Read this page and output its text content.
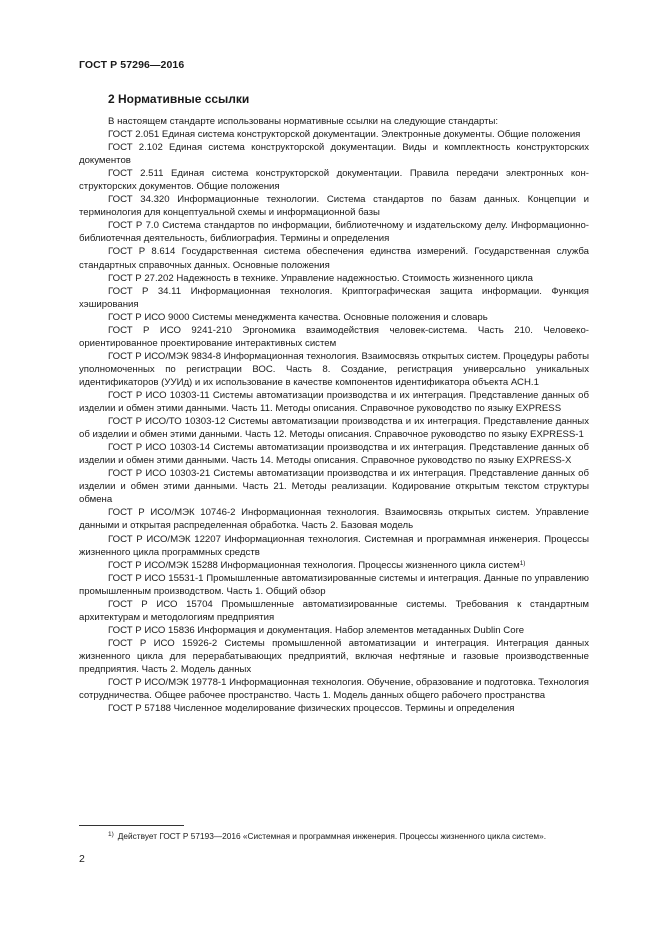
ГОСТ Р 57296—2016
2 Нормативные ссылки

В настоящем стандарте использованы нормативные ссылки на следующие стандарты:

ГОСТ 2.051 Единая система конструкторской документации. Электронные документы. Общие положения

ГОСТ 2.102 Единая система конструкторской документации. Виды и комплектность конструкторских документов

ГОСТ 2.511 Единая система конструкторской документации. Правила передачи электронных конструкторских документов. Общие положения

ГОСТ 34.320 Информационные технологии. Система стандартов по базам данных. Концепции и терминология для концептуальной схемы и информационной базы

ГОСТ Р 7.0 Система стандартов по информации, библиотечному и издательскому делу. Информационно-библиотечная деятельность, библиография. Термины и определения

ГОСТ Р 8.614 Государственная система обеспечения единства измерений. Государственная служба стандартных справочных данных. Основные положения

ГОСТ Р 27.202 Надежность в технике. Управление надежностью. Стоимость жизненного цикла

ГОСТ Р 34.11 Информационная технология. Криптографическая защита информации. Функция хэширования

ГОСТ Р ИСО 9000 Системы менеджмента качества. Основные положения и словарь

ГОСТ Р ИСО 9241-210 Эргономика взаимодействия человек-система. Часть 210. Человекоориентированное проектирование интерактивных систем

ГОСТ Р ИСО/МЭК 9834-8 Информационная технология. Взаимосвязь открытых систем. Процедуры работы уполномоченных по регистрации ВОС. Часть 8. Создание, регистрация универсально уникальных идентификаторов (УУИд) и их использование в качестве компонентов идентификатора объекта АСН.1

ГОСТ Р ИСО 10303-11 Системы автоматизации производства и их интеграция. Представление данных об изделии и обмен этими данными. Часть 11. Методы описания. Справочное руководство по языку EXPRESS

ГОСТ Р ИСО/ТО 10303-12 Системы автоматизации производства и их интеграция. Представление данных об изделии и обмен этими данными. Часть 12. Методы описания. Справочное руководство по языку EXPRESS-1

ГОСТ Р ИСО 10303-14 Системы автоматизации производства и их интеграция. Представление данных об изделии и обмен этими данными. Часть 14. Методы описания. Справочное руководство по языку EXPRESS-X

ГОСТ Р ИСО 10303-21 Системы автоматизации производства и их интеграция. Представление данных об изделии и обмен этими данными. Часть 21. Методы реализации. Кодирование открытым текстом структуры обмена

ГОСТ Р ИСО/МЭК 10746-2 Информационная технология. Взаимосвязь открытых систем. Управление данными и открытая распределенная обработка. Часть 2. Базовая модель

ГОСТ Р ИСО/МЭК 12207 Информационная технология. Системная и программная инженерия. Процессы жизненного цикла программных средств

ГОСТ Р ИСО/МЭК 15288 Информационная технология. Процессы жизненного цикла систем$^{1)}$

ГОСТ Р ИСО 15531-1 Промышленные автоматизированные системы и интеграция. Данные по управлению промышленным производством. Часть 1. Общий обзор

ГОСТ Р ИСО 15704 Промышленные автоматизированные системы. Требования к стандартным архитектурам и методологиям предприятия

ГОСТ Р ИСО 15836 Информация и документация. Набор элементов метаданных Dublin Core

ГОСТ Р ИСО 15926-2 Системы промышленной автоматизации и интеграция. Интеграция данных жизненного цикла для перерабатывающих предприятий, включая нефтяные и газовые производственные предприятия. Часть 2. Модель данных

ГОСТ Р ИСО/МЭК 19778-1 Информационная технология. Обучение, образование и подготовка. Технология сотрудничества. Общее рабочее пространство. Часть 1. Модель данных общего рабочего пространства

ГОСТ Р 57188 Численное моделирование физических процессов. Термины и определения

$^{1)}$ Действует ГОСТ Р 57193—2016 «Системная и программная инженерия. Процессы жизненного цикла систем».
2
